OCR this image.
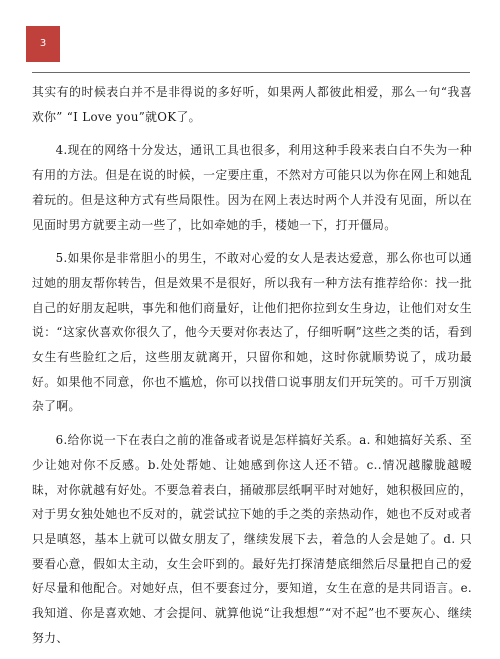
3

其实有的时候表白并不是非得说的多好听，如果两人都彼此相爱，那么一句“我喜欢你” “I Love you”就OK了。

4.现在的网络十分发达，通讯工具也很多，利用这种手段来表白白不失为一种有用的方法。但是在说的时候，一定要庄重，不然对方可能只以为你在网上和她乱着玩的。但是这种方式有些局限性。因为在网上表达时两个人并没有见面，所以在见面时男方就要主动一些了，比如牵她的手，楼她一下，打开僵局。

5.如果你是非常胆小的男生，不敢对心爱的女人是表达爱意，那么你也可以通过她的朋友帮你转告，但是效果不是很好，所以我有一种方法有推荐给你：找一批自己的好朋友起哄，事先和他们商量好，让他们把你拉到女生身边，让他们对女生说：“这家伙喜欢你很久了，他今天要对你表达了，仔细听啊”这些之类的话，看到女生有些脸红之后，这些朋友就离开，只留你和她，这时你就顺势说了，成功最好。如果他不同意，你也不尴尬，你可以找借口说事朋友们开玩笑的。可千万别演杂了啊。

6.给你说一下在表白之前的准备或者说是怎样搞好关系。a. 和她搞好关系、至少让她对你不反感。b.处处帮她、让她感到你这人还不错。c..情况越朦胧越暧昧，对你就越有好处。不要急着表白，捅破那层纸啊平时对她好，她积极回应的，对于男女独处她也不反对的，就尝试拉下她的手之类的亲热动作，她也不反对或者只是嗔怒，基本上就可以做女朋友了，继续发展下去，着急的人会是她了。d. 只要看心意，假如太主动，女生会吓到的。最好先打探清楚底细然后尽量把自己的爱好尽量和他配合。对她好点，但不要套过分，要知道，女生在意的是共同语言。e. 我知道、你是喜欢她、才会提问、就算他说“让我想想”“对不起”也不要灰心、继续努力、
